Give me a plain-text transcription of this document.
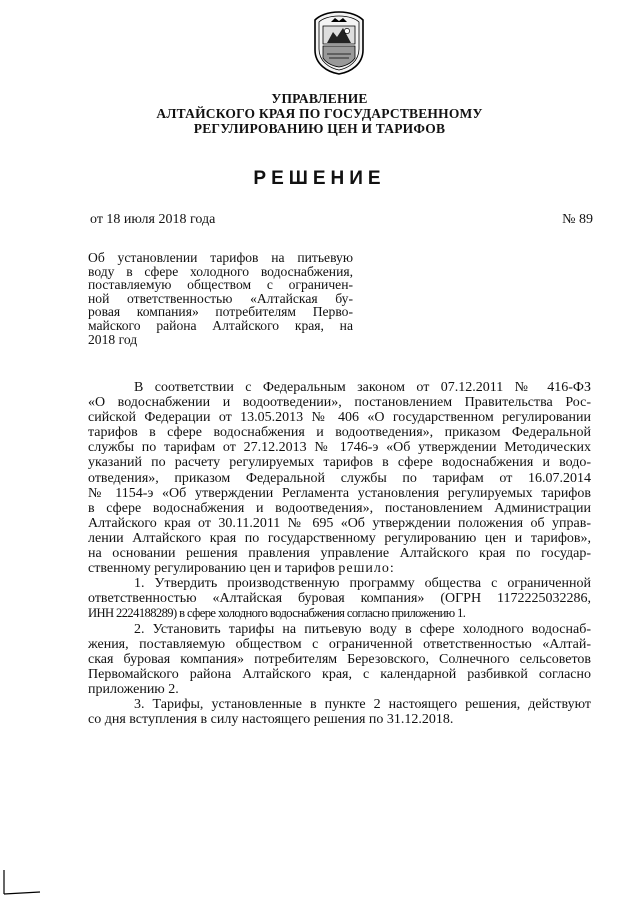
УПРАВЛЕНИЕ
АЛТАЙСКОГО КРАЯ ПО ГОСУДАРСТВЕННОМУ
РЕГУЛИРОВАНИЮ ЦЕН И ТАРИФОВ
РЕШЕНИЕ
от 18 июля 2018 года	№ 89
Об установлении тарифов на питьевую
воду в сфере холодного водоснабжения,
поставляемую обществом с ограничен-
ной ответственностью «Алтайская бу-
ровая компания» потребителям Перво-
майского района Алтайского края, на
2018 год
В соответствии с Федеральным законом от 07.12.2011 № 416-ФЗ
«О водоснабжении и водоотведении», постановлением Правительства Рос-
сийской Федерации от 13.05.2013 № 406 «О государственном регулировании
тарифов в сфере водоснабжения и водоотведения», приказом Федеральной
службы по тарифам от 27.12.2013 № 1746-э «Об утверждении Методических
указаний по расчету регулируемых тарифов в сфере водоснабжения и водо-
отведения», приказом Федеральной службы по тарифам от 16.07.2014
№ 1154-э «Об утверждении Регламента установления регулируемых тарифов
в сфере водоснабжения и водоотведения», постановлением Администрации
Алтайского края от 30.11.2011 № 695 «Об утверждении положения об управ-
лении Алтайского края по государственному регулированию цен и тарифов»,
на основании решения правления управление Алтайского края по государ-
ственному регулированию цен и тарифов решило:
1. Утвердить производственную программу общества с ограниченной
ответственностью «Алтайская буровая компания» (ОГРН 1172225032286,
ИНН 2224188289) в сфере холодного водоснабжения согласно приложению 1.
2. Установить тарифы на питьевую воду в сфере холодного водоснаб-
жения, поставляемую обществом с ограниченной ответственностью «Алтай-
ская буровая компания» потребителям Березовского, Солнечного сельсоветов
Первомайского района Алтайского края, с календарной разбивкой согласно
приложению 2.
3. Тарифы, установленные в пункте 2 настоящего решения, действуют
со дня вступления в силу настоящего решения по 31.12.2018.
